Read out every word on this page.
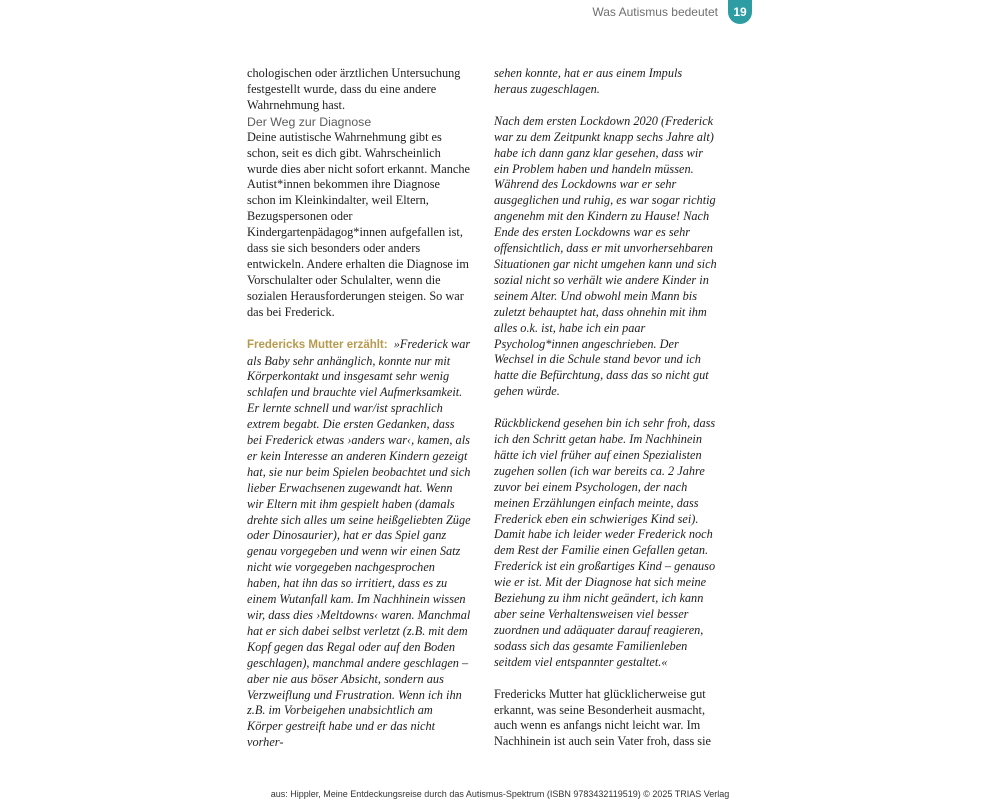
Was Autismus bedeutet	19

chologischen oder ärztlichen Untersuchung festgestellt wurde, dass du eine andere Wahrnehmung hast.

Der Weg zur Diagnose

Deine autistische Wahrnehmung gibt es schon, seit es dich gibt. Wahrscheinlich wurde dies aber nicht sofort erkannt. Manche Autist*innen bekommen ihre Diagnose schon im Kleinkindalter, weil Eltern, Bezugspersonen oder Kindergartenpädagog*innen aufgefallen ist, dass sie sich besonders oder anders entwickeln. Andere erhalten die Diagnose im Vorschulalter oder Schulalter, wenn die sozialen Herausforderungen steigen. So war das bei Frederick.

Fredericks Mutter erzählt: »Frederick war als Baby sehr anhänglich, konnte nur mit Körperkontakt und insgesamt sehr wenig schlafen und brauchte viel Aufmerksamkeit. Er lernte schnell und war/ist sprachlich extrem begabt. Die ersten Gedanken, dass bei Frederick etwas ›anders war‹, kamen, als er kein Interesse an anderen Kindern gezeigt hat, sie nur beim Spielen beobachtet und sich lieber Erwachsenen zugewandt hat. Wenn wir Eltern mit ihm gespielt haben (damals drehte sich alles um seine heißgeliebten Züge oder Dinosaurier), hat er das Spiel ganz genau vorgegeben und wenn wir einen Satz nicht wie vorgegeben nachgesprochen haben, hat ihn das so irritiert, dass es zu einem Wutanfall kam. Im Nachhinein wissen wir, dass dies ›Meltdowns‹ waren. Manchmal hat er sich dabei selbst verletzt (z.B. mit dem Kopf gegen das Regal oder auf den Boden geschlagen), manchmal andere geschlagen – aber nie aus böser Absicht, sondern aus Verzweiflung und Frustration. Wenn ich ihn z.B. im Vorbeigehen unabsichtlich am Körper gestreift habe und er das nicht vorher-

sehen konnte, hat er aus einem Impuls heraus zugeschlagen.

Nach dem ersten Lockdown 2020 (Frederick war zu dem Zeitpunkt knapp sechs Jahre alt) habe ich dann ganz klar gesehen, dass wir ein Problem haben und handeln müssen. Während des Lockdowns war er sehr ausgeglichen und ruhig, es war sogar richtig angenehm mit den Kindern zu Hause! Nach Ende des ersten Lockdowns war es sehr offensichtlich, dass er mit unvorhersehbaren Situationen gar nicht umgehen kann und sich sozial nicht so verhält wie andere Kinder in seinem Alter. Und obwohl mein Mann bis zuletzt behauptet hat, dass ohnehin mit ihm alles o.k. ist, habe ich ein paar Psycholog*innen angeschrieben. Der Wechsel in die Schule stand bevor und ich hatte die Befürchtung, dass das so nicht gut gehen würde.

Rückblickend gesehen bin ich sehr froh, dass ich den Schritt getan habe. Im Nachhinein hätte ich viel früher auf einen Spezialisten zugehen sollen (ich war bereits ca. 2 Jahre zuvor bei einem Psychologen, der nach meinen Erzählungen einfach meinte, dass Frederick eben ein schwieriges Kind sei). Damit habe ich leider weder Frederick noch dem Rest der Familie einen Gefallen getan. Frederick ist ein großartiges Kind – genauso wie er ist. Mit der Diagnose hat sich meine Beziehung zu ihm nicht geändert, ich kann aber seine Verhaltensweisen viel besser zuordnen und adäquater darauf reagieren, sodass sich das gesamte Familienleben seitdem viel entspannter gestaltet.«

Fredericks Mutter hat glücklicherweise gut erkannt, was seine Besonderheit ausmacht, auch wenn es anfangs nicht leicht war. Im Nachhinein ist auch sein Vater froh, dass sie

aus: Hippler, Meine Entdeckungsreise durch das Autismus-Spektrum (ISBN 9783432119519) © 2025 TRIAS Verlag
